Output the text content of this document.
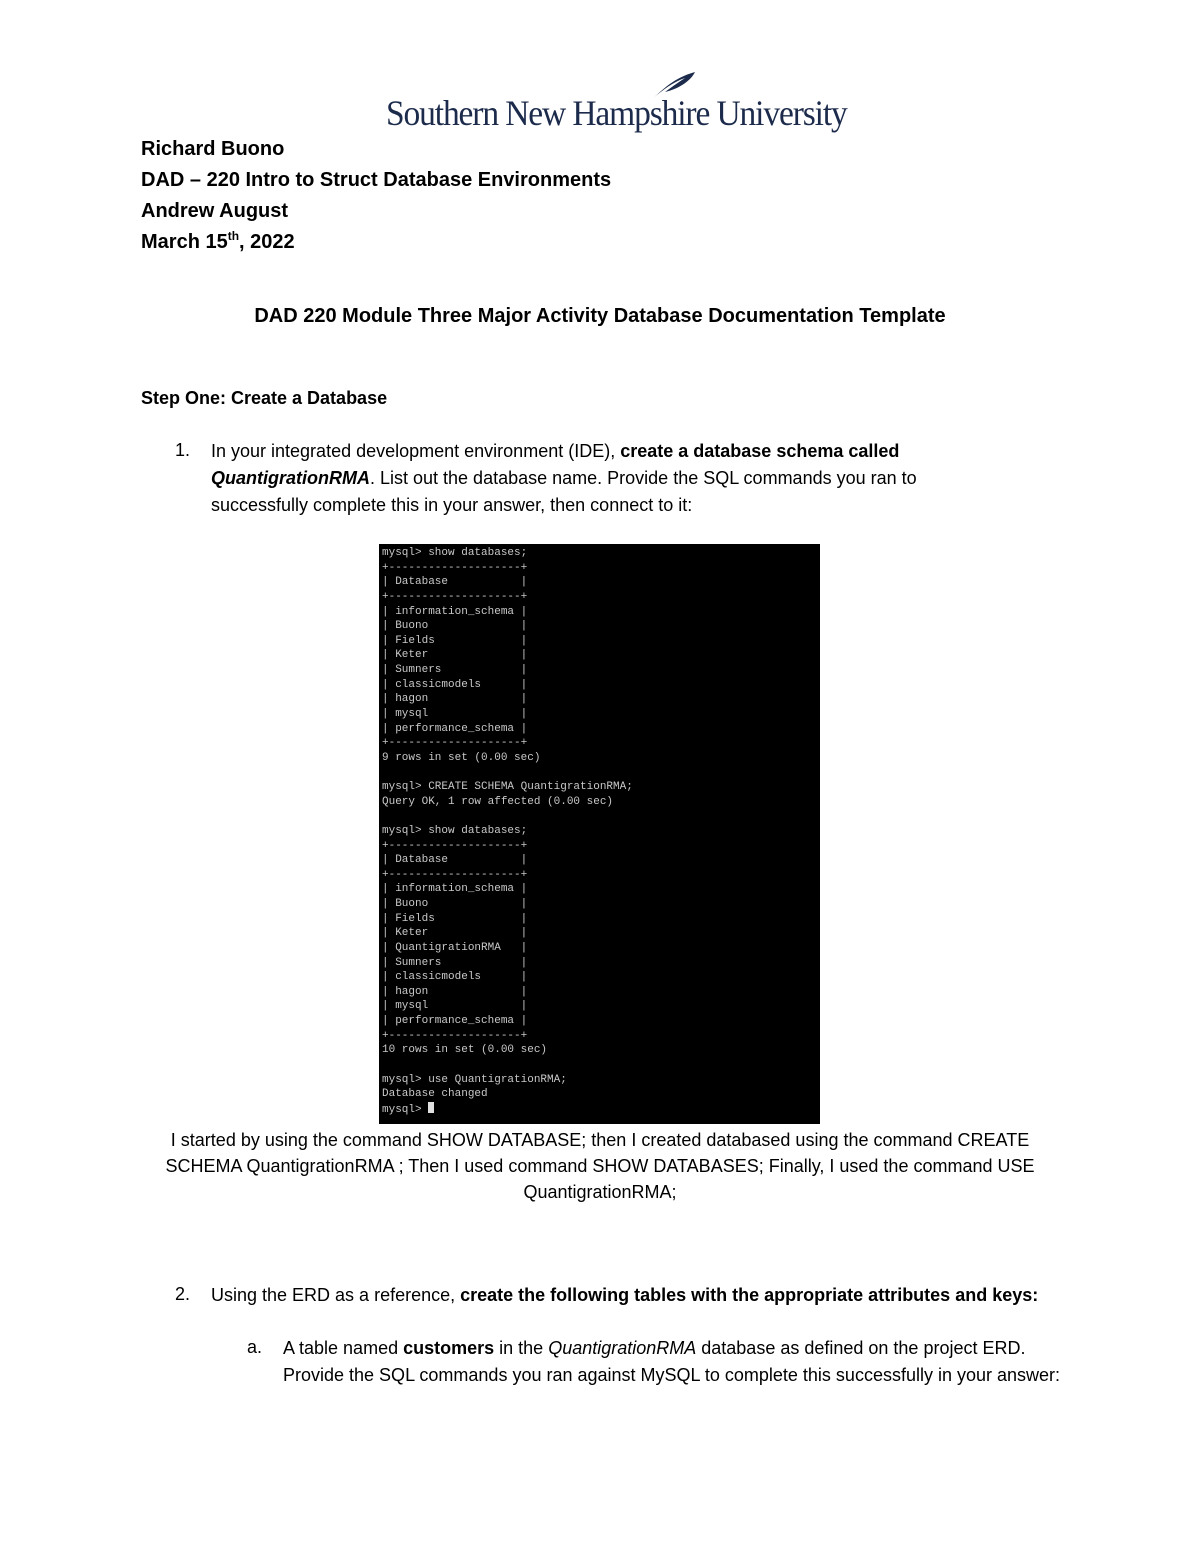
Southern New Hampshire University
Richard Buono
DAD – 220 Intro to Struct Database Environments
Andrew August
March 15th, 2022
DAD 220 Module Three Major Activity Database Documentation Template
Step One: Create a Database
1. In your integrated development environment (IDE), create a database schema called QuantigrationRMA. List out the database name. Provide the SQL commands you ran to successfully complete this in your answer, then connect to it:
mysql> show databases;
+--------------------+
| Database           |
+--------------------+
| information_schema |
| Buono              |
| Fields             |
| Keter              |
| Sumners            |
| classicmodels      |
| hagon              |
| mysql              |
| performance_schema |
+--------------------+
9 rows in set (0.00 sec)

mysql> CREATE SCHEMA QuantigrationRMA;
Query OK, 1 row affected (0.00 sec)

mysql> show databases;
+--------------------+
| Database           |
+--------------------+
| information_schema |
| Buono              |
| Fields             |
| Keter              |
| QuantigrationRMA   |
| Sumners            |
| classicmodels      |
| hagon              |
| mysql              |
| performance_schema |
+--------------------+
10 rows in set (0.00 sec)

mysql> use QuantigrationRMA;
Database changed
mysql>
I started by using the command SHOW DATABASE; then I created databased using the command CREATE SCHEMA QuantigrationRMA ; Then I used command SHOW DATABASES; Finally, I used the command USE QuantigrationRMA;
2. Using the ERD as a reference, create the following tables with the appropriate attributes and keys:
a. A table named customers in the QuantigrationRMA database as defined on the project ERD. Provide the SQL commands you ran against MySQL to complete this successfully in your answer:
